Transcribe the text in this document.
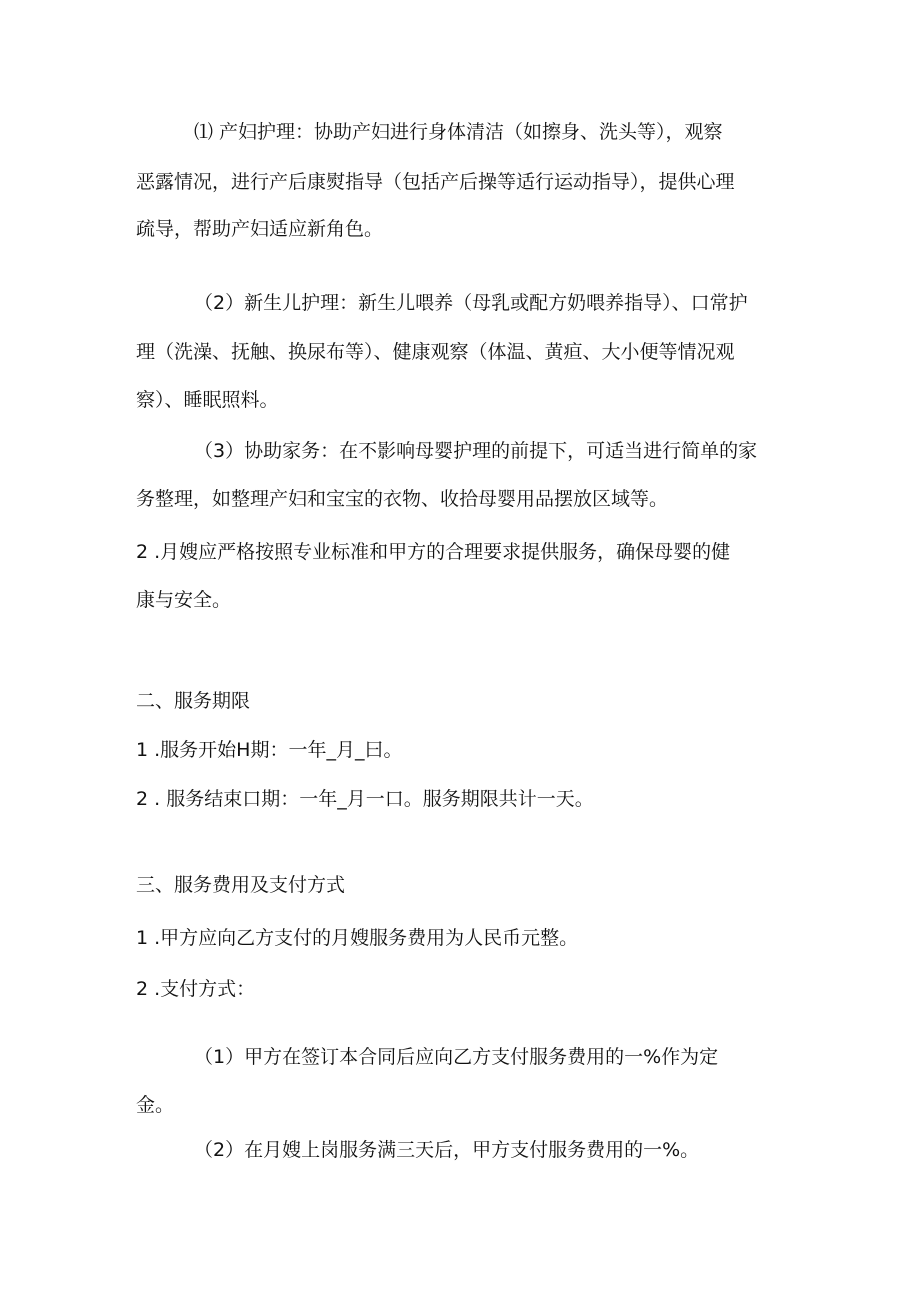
⑴ 产妇护理：协助产妇进行身体清洁（如擦身、洗头等），观察

恶露情况，进行产后康熨指导（包括产后操等适行运动指导），提供心理

疏导，帮助产妇适应新角色。

（2）新生儿护理：新生儿喂养（母乳或配方奶喂养指导）、口常护

理（洗澡、抚触、换尿布等）、健康观察（体温、黄疸、大小便等情况观

察）、睡眠照料。

（3）协助家务：在不影响母婴护理的前提下，可适当进行简单的家

务整理，如整理产妇和宝宝的衣物、收拾母婴用品摆放区域等。

2 .月嫂应严格按照专业标准和甲方的合理要求提供服务，确保母婴的健

康与安全。

二、服务期限

1 .服务开始H期：一年_月_曰。

2 . 服务结束口期：一年_月一口。服务期限共计一天。

三、服务费用及支付方式

1 .甲方应向乙方支付的月嫂服务费用为人民币元整。

2 .支付方式：

（1）甲方在签订本合同后应向乙方支付服务费用的一%作为定

金。

（2）在月嫂上岗服务满三天后，甲方支付服务费用的一%。
